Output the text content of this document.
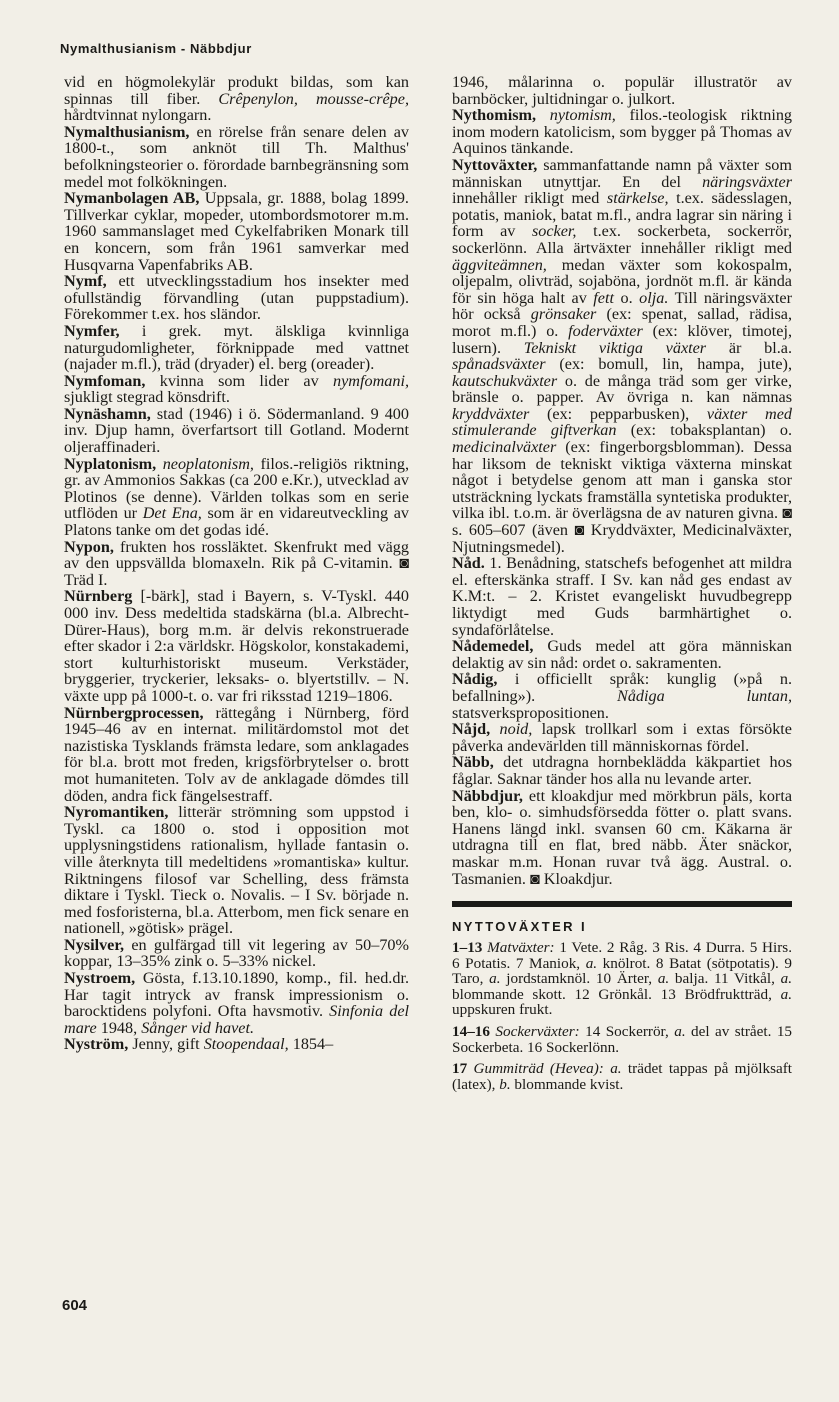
Nymalthusianism - Näbbdjur

vid en högmolekylär produkt bildas, som kan spinnas till fiber. Crêpenylon, mousse-crêpe, hårdtvinnat nylongarn.

Nymalthusianism, en rörelse från senare delen av 1800-t., som anknöt till Th. Malthus' befolkningsteorier o. förordade barnbegränsning som medel mot folkökningen.

Nymanbolagen AB, Uppsala, gr. 1888, bolag 1899. Tillverkar cyklar, mopeder, utombordsmotorer m.m. 1960 sammanslaget med Cykelfabriken Monark till en koncern, som från 1961 samverkar med Husqvarna Vapenfabriks AB.

Nymf, ett utvecklingsstadium hos insekter med ofullständig förvandling (utan puppstadium). Förekommer t.ex. hos sländor.

Nymfer, i grek. myt. älskliga kvinnliga naturgudomligheter, förknippade med vattnet (najader m.fl.), träd (dryader) el. berg (oreader).

Nymfoman, kvinna som lider av nymfomani, sjukligt stegrad könsdrift.

Nynäshamn, stad (1946) i ö. Södermanland. 9 400 inv. Djup hamn, överfartsort till Gotland. Modernt oljeraffinaderi.

Nyplatonism, neoplatonism, filos.-religiös riktning, gr. av Ammonios Sakkas (ca 200 e.Kr.), utvecklad av Plotinos (se denne). Världen tolkas som en serie utflöden ur Det Ena, som är en vidareutveckling av Platons tanke om det godas idé.

Nypon, frukten hos rossläktet. Skenfrukt med vägg av den uppsvällda blomaxeln. Rik på C-vitamin. ◙ Träd I.

Nürnberg [-bärk], stad i Bayern, s. V-Tyskl. 440 000 inv. Dess medeltida stadskärna (bl.a. Albrecht-Dürer-Haus), borg m.m. är delvis rekonstruerade efter skador i 2:a världskr. Högskolor, konstakademi, stort kulturhistoriskt museum. Verkstäder, bryggerier, tryckerier, leksaks- o. blyertstillv. – N. växte upp på 1000-t. o. var fri riksstad 1219–1806.

Nürnbergprocessen, rättegång i Nürnberg, förd 1945–46 av en internat. militärdomstol mot det nazistiska Tysklands främsta ledare, som anklagades för bl.a. brott mot freden, krigsförbrytelser o. brott mot humaniteten. Tolv av de anklagade dömdes till döden, andra fick fängelsestraff.

Nyromantiken, litterär strömning som uppstod i Tyskl. ca 1800 o. stod i opposition mot upplysningstidens rationalism, hyllade fantasin o. ville återknyta till medeltidens »romantiska» kultur. Riktningens filosof var Schelling, dess främsta diktare i Tyskl. Tieck o. Novalis. – I Sv. började n. med fosforisterna, bl.a. Atterbom, men fick senare en nationell, »götisk» prägel.

Nysilver, en gulfärgad till vit legering av 50–70% koppar, 13–35% zink o. 5–33% nickel.

Nystroem, Gösta, f.13.10.1890, komp., fil. hed.dr. Har tagit intryck av fransk impressionism o. barocktidens polyfoni. Ofta havsmotiv. Sinfonia del mare 1948, Sånger vid havet.

Nyström, Jenny, gift Stoopendaal, 1854–

1946, målarinna o. populär illustratör av barnböcker, jultidningar o. julkort.

Nythomism, nytomism, filos.-teologisk riktning inom modern katolicism, som bygger på Thomas av Aquinos tänkande.

Nyttoväxter, sammanfattande namn på växter som människan utnyttjar. En del näringsväxter innehåller rikligt med stärkelse, t.ex. sädesslagen, potatis, maniok, batat m.fl., andra lagrar sin näring i form av socker, t.ex. sockerbeta, sockerrör, sockerlönn. Alla ärtväxter innehåller rikligt med äggviteämnen, medan växter som kokospalm, oljepalm, olivträd, sojaböna, jordnöt m.fl. är kända för sin höga halt av fett o. olja. Till näringsväxter hör också grönsaker (ex: spenat, sallad, rädisa, morot m.fl.) o. foderväxter (ex: klöver, timotej, lusern). Tekniskt viktiga växter är bl.a. spånadsväxter (ex: bomull, lin, hampa, jute), kautschukväxter o. de många träd som ger virke, bränsle o. papper. Av övriga n. kan nämnas kryddväxter (ex: pepparbusken), växter med stimulerande giftverkan (ex: tobaksplantan) o. medicinalväxter (ex: fingerborgsblomman). Dessa har liksom de tekniskt viktiga växterna minskat något i betydelse genom att man i ganska stor utsträckning lyckats framställa syntetiska produkter, vilka ibl. t.o.m. är överlägsna de av naturen givna. ◙ s. 605–607 (även ◙ Kryddväxter, Medicinalväxter, Njutningsmedel).

Nåd. 1. Benådning, statschefs befogenhet att mildra el. efterskänka straff. I Sv. kan nåd ges endast av K.M:t. – 2. Kristet evangeliskt huvudbegrepp liktydigt med Guds barmhärtighet o. syndaförlåtelse.

Nådemedel, Guds medel att göra människan delaktig av sin nåd: ordet o. sakramenten.

Nådig, i officiellt språk: kunglig (»på n. befallning»). Nådiga luntan, statsverkspropositionen.

Nåjd, noid, lapsk trollkarl som i extas försökte påverka andevärlden till människornas fördel.

Näbb, det utdragna hornbeklädda käkpartiet hos fåglar. Saknar tänder hos alla nu levande arter.

Näbbdjur, ett kloakdjur med mörkbrun päls, korta ben, klo- o. simhudsförsedda fötter o. platt svans. Hanens längd inkl. svansen 60 cm. Käkarna är utdragna till en flat, bred näbb. Äter snäckor, maskar m.m. Honan ruvar två ägg. Austral. o. Tasmanien. ◙ Kloakdjur.

NYTTOVÄXTER I

1–13 Matväxter: 1 Vete. 2 Råg. 3 Ris. 4 Durra. 5 Hirs. 6 Potatis. 7 Maniok, a. knölrot. 8 Batat (sötpotatis). 9 Taro, a. jordstamknöl. 10 Ärter, a. balja. 11 Vitkål, a. blommande skott. 12 Grönkål. 13 Brödfruktträd, a. uppskuren frukt.

14–16 Sockerväxter: 14 Sockerrör, a. del av strået. 15 Sockerbeta. 16 Sockerlönn.

17 Gummiträd (Hevea): a. trädet tappas på mjölksaft (latex), b. blommande kvist.

604
